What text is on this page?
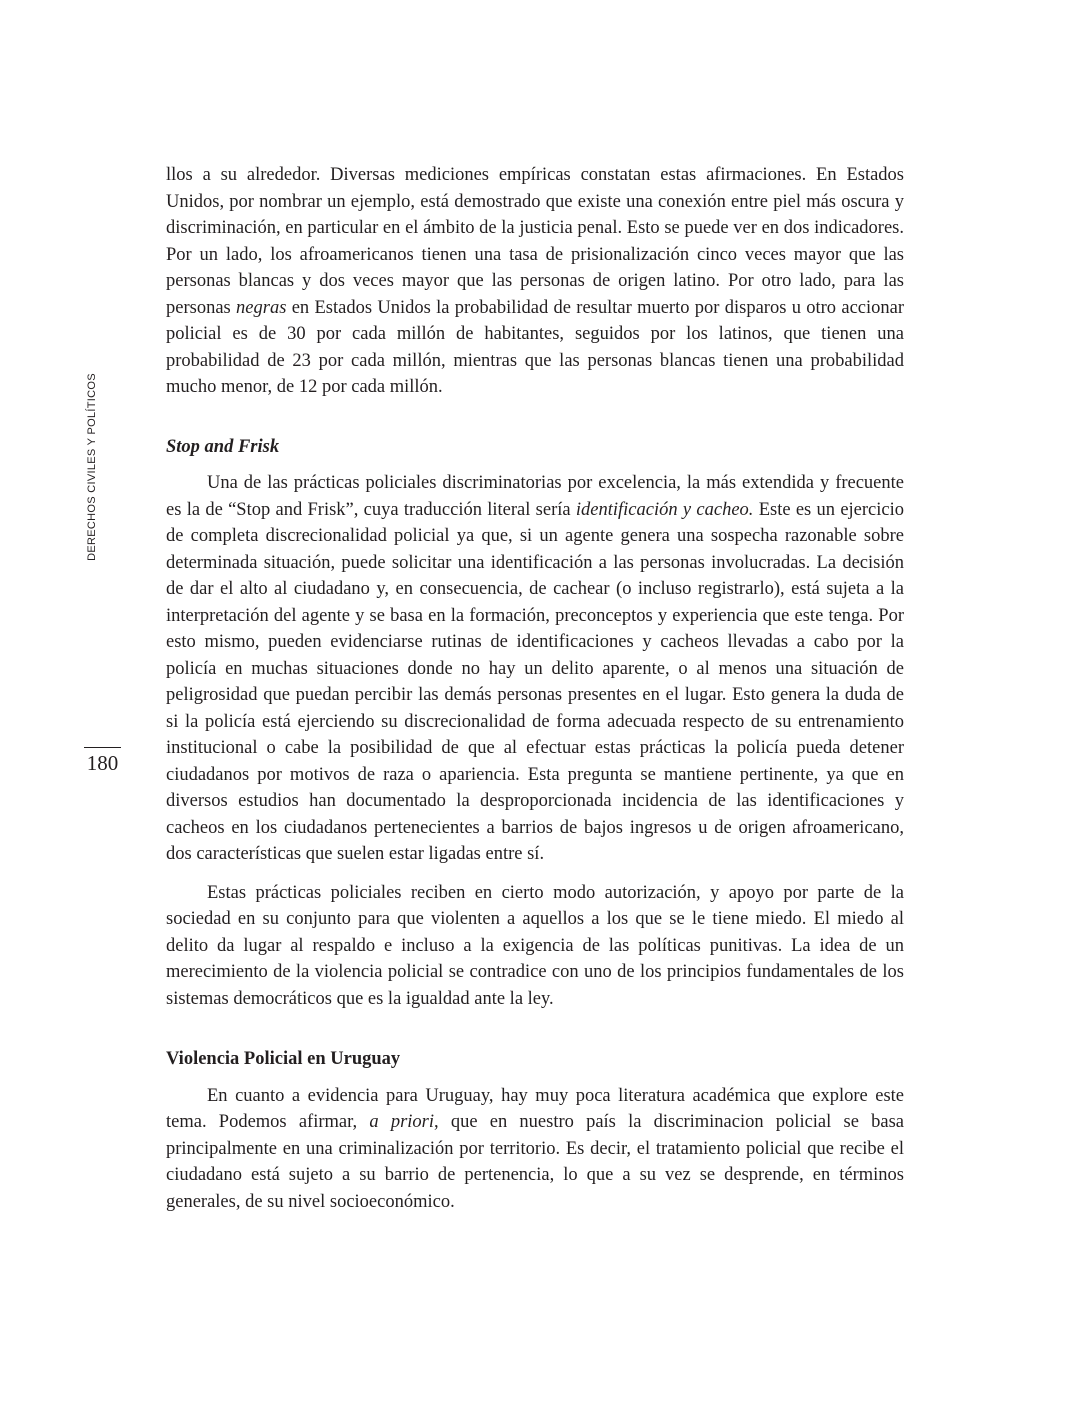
DERECHOS CIVILES Y POLÍTICOS
180

llos a su alrededor. Diversas mediciones empíricas constatan estas afirmaciones. En Estados Unidos, por nombrar un ejemplo, está demostrado que existe una conexión entre piel más oscura y discriminación, en particular en el ámbito de la justicia penal. Esto se puede ver en dos indicadores. Por un lado, los afroamericanos tienen una tasa de prisionalización cinco veces mayor que las personas blancas y dos veces mayor que las personas de origen latino. Por otro lado, para las personas negras en Estados Unidos la probabilidad de resultar muerto por disparos u otro accionar policial es de 30 por cada millón de habitantes, seguidos por los latinos, que tienen una probabilidad de 23 por cada millón, mientras que las personas blancas tienen una probabilidad mucho menor, de 12 por cada millón.

Stop and Frisk

Una de las prácticas policiales discriminatorias por excelencia, la más extendida y frecuente es la de “Stop and Frisk”, cuya traducción literal sería identificación y cacheo. Este es un ejercicio de completa discrecionalidad policial ya que, si un agente genera una sospecha razonable sobre determinada situación, puede solicitar una identificación a las personas involucradas. La decisión de dar el alto al ciudadano y, en consecuencia, de cachear (o incluso registrarlo), está sujeta a la interpretación del agente y se basa en la formación, preconceptos y experiencia que este tenga. Por esto mismo, pueden evidenciarse rutinas de identificaciones y cacheos llevadas a cabo por la policía en muchas situaciones donde no hay un delito aparente, o al menos una situación de peligrosidad que puedan percibir las demás personas presentes en el lugar. Esto genera la duda de si la policía está ejerciendo su discrecionalidad de forma adecuada respecto de su entrenamiento institucional o cabe la posibilidad de que al efectuar estas prácticas la policía pueda detener ciudadanos por motivos de raza o apariencia. Esta pregunta se mantiene pertinente, ya que en diversos estudios han documentado la desproporcionada incidencia de las identificaciones y cacheos en los ciudadanos pertenecientes a barrios de bajos ingresos u de origen afroamericano, dos características que suelen estar ligadas entre sí.

Estas prácticas policiales reciben en cierto modo autorización, y apoyo por parte de la sociedad en su conjunto para que violenten a aquellos a los que se le tiene miedo. El miedo al delito da lugar al respaldo e incluso a la exigencia de las políticas punitivas. La idea de un merecimiento de la violencia policial se contradice con uno de los principios fundamentales de los sistemas democráticos que es la igualdad ante la ley.

Violencia Policial en Uruguay

En cuanto a evidencia para Uruguay, hay muy poca literatura académica que explore este tema. Podemos afirmar, a priori, que en nuestro país la discriminacion policial se basa principalmente en una criminalización por territorio. Es decir, el tratamiento policial que recibe el ciudadano está sujeto a su barrio de pertenencia, lo que a su vez se desprende, en términos generales, de su nivel socioeconómico.
